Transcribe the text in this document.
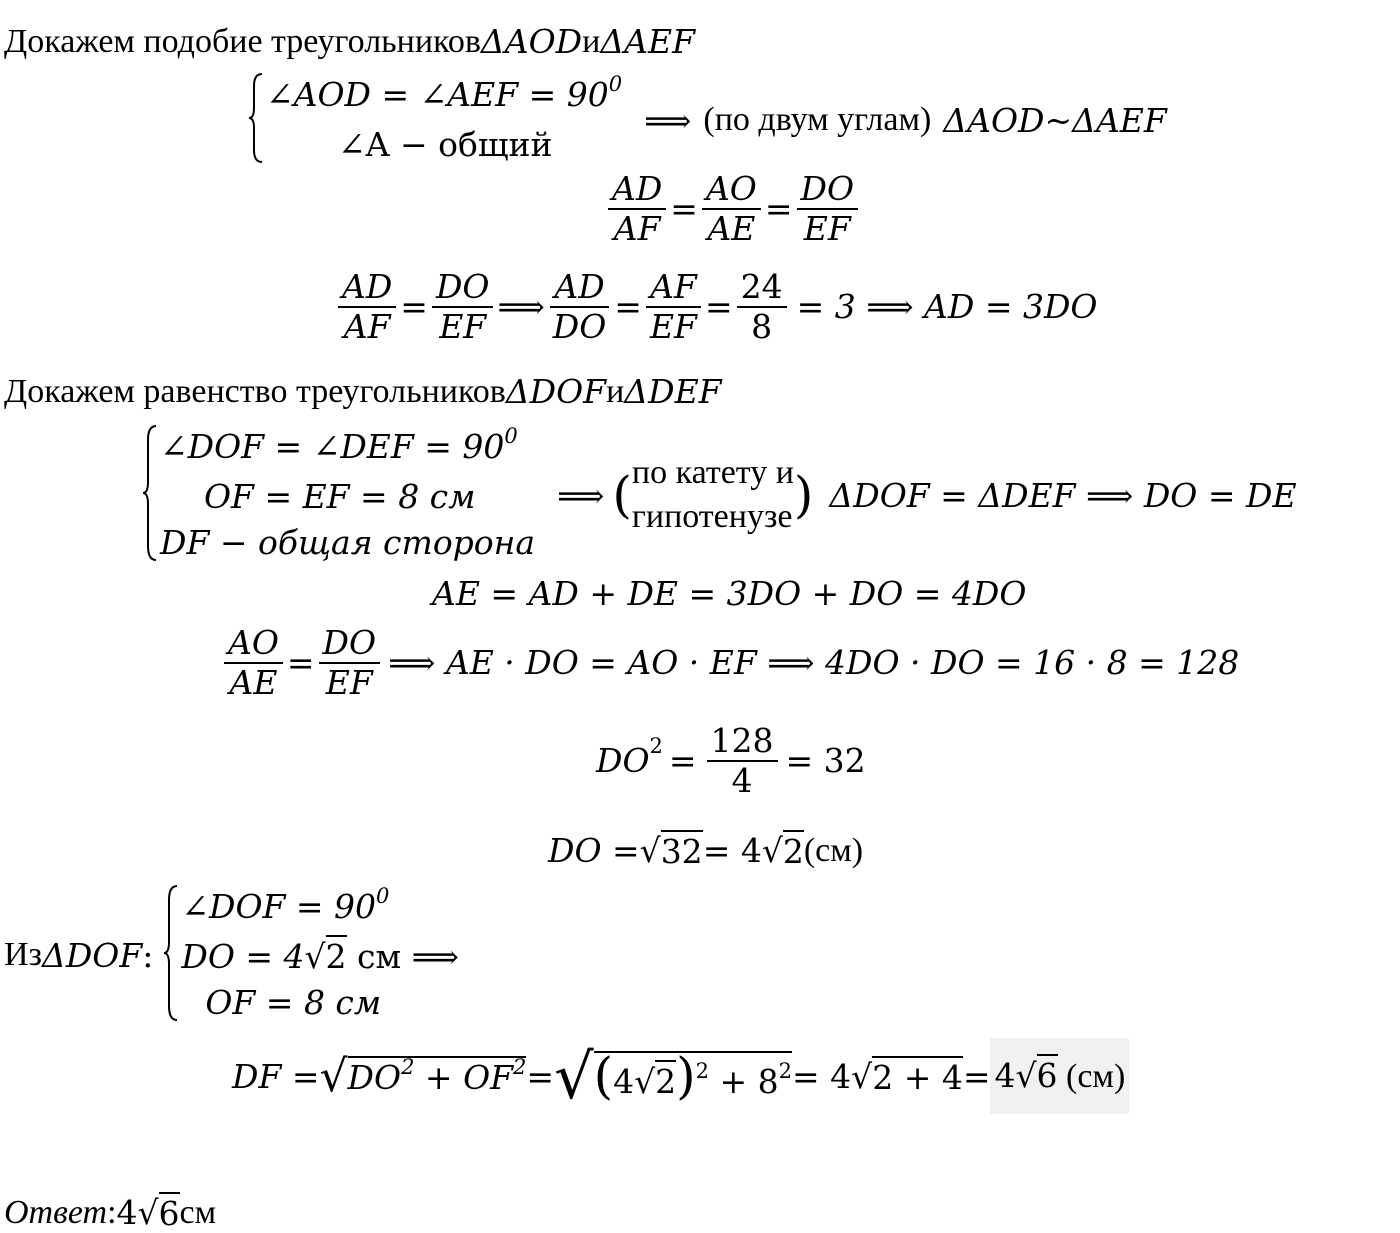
Докажем подобие треугольников ΔAOD и ΔAEF
∠AOD = ∠AEF = $90^0$
∠A − общий
⟹ (по двум углам) ΔAOD~ΔAEF
$\frac{AD}{AF} = \frac{AO}{AE} = \frac{DO}{EF}$
$\frac{AD}{AF} = \frac{DO}{EF}$ ⟹ $\frac{AD}{DO} = \frac{AF}{EF} = \frac{24}{8} = 3$ ⟹ AD = 3DO
Докажем равенство треугольников ΔDOF и ΔDEF
∠DOF = ∠DEF = $90^0$
OF = EF = 8 см
DF − общая сторона
⟹ ( по катету и
гипотенузе ) ΔDOF = ΔDEF ⟹ DO = DE
AE = AD + DE = 3DO + DO = 4DO
$\frac{AO}{AE} = \frac{DO}{EF}$ ⟹ AE · DO = AO · EF ⟹ 4DO · DO = 16 · 8 = 128
DO $2 = \frac{128}{4} = 32$
DO = √ 32 = 4 √ 2 (см)
Из ΔDOF :
∠DOF = $90^0$
DO = 4√2 см ⟹
OF = 8 см
DF = √ $DO^2 + OF^2$ = √ $(4√2)^2 + 8^2 = 4$ √ 2 + 4 = 4√6 (см)
Ответ : 4 √ 6 см
